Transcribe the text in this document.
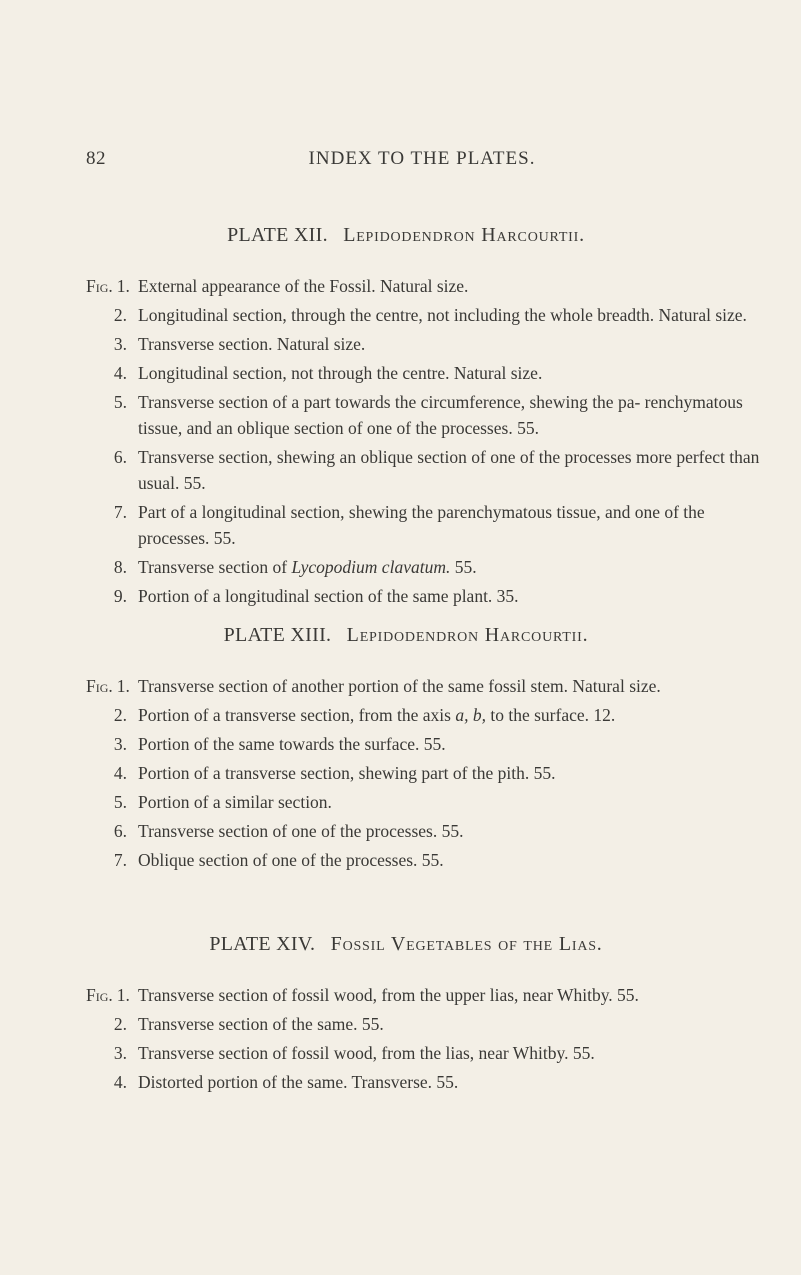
82	INDEX TO THE PLATES.
PLATE XII. Lepidodendron Harcourtii.
Fig. 1. External appearance of the Fossil. Natural size.
2. Longitudinal section, through the centre, not including the whole breadth. Natural size.
3. Transverse section. Natural size.
4. Longitudinal section, not through the centre. Natural size.
5. Transverse section of a part towards the circumference, shewing the pa- renchymatous tissue, and an oblique section of one of the processes. 55.
6. Transverse section, shewing an oblique section of one of the processes more perfect than usual. 55.
7. Part of a longitudinal section, shewing the parenchymatous tissue, and one of the processes. 55.
8. Transverse section of Lycopodium clavatum. 55.
9. Portion of a longitudinal section of the same plant. 35.
PLATE XIII. Lepidodendron Harcourtii.
Fig. 1. Transverse section of another portion of the same fossil stem. Natural size.
2. Portion of a transverse section, from the axis a, b, to the surface. 12.
3. Portion of the same towards the surface. 55.
4. Portion of a transverse section, shewing part of the pith. 55.
5. Portion of a similar section.
6. Transverse section of one of the processes. 55.
7. Oblique section of one of the processes. 55.
PLATE XIV. Fossil Vegetables of the Lias.
Fig. 1. Transverse section of fossil wood, from the upper lias, near Whitby. 55.
2. Transverse section of the same. 55.
3. Transverse section of fossil wood, from the lias, near Whitby. 55.
4. Distorted portion of the same. Transverse. 55.
